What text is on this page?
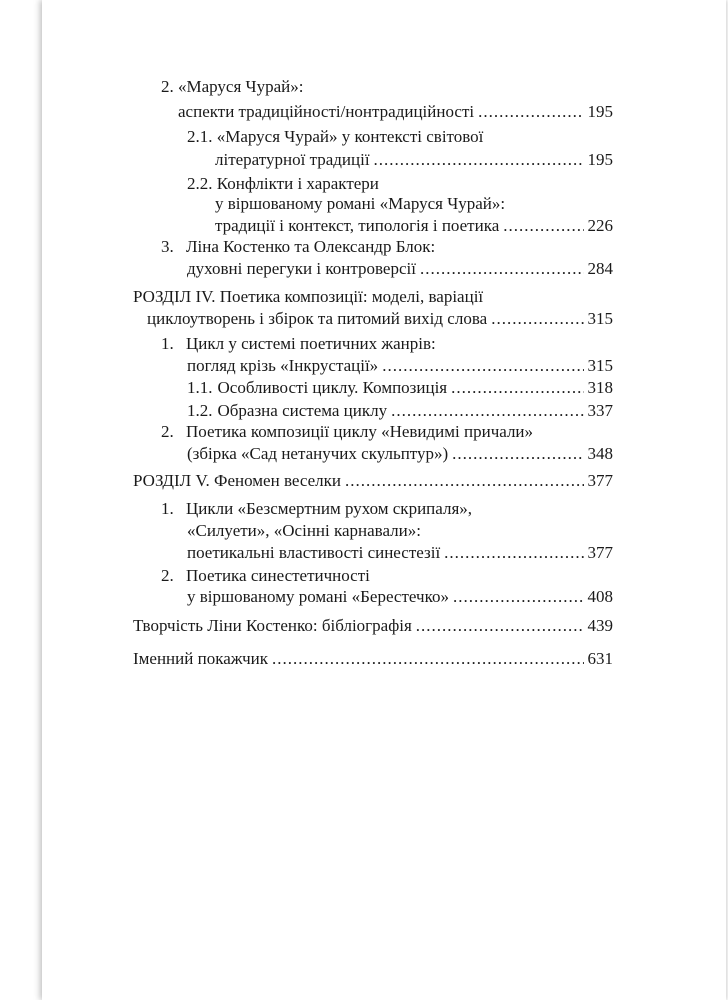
2. «Маруся Чурай»:
аспекти традиційності/нонтрадиційності .....	195
2.1. «Маруся Чурай» у контексті світової
літературної традиції .....	195
2.2. Конфлікти і характери
у віршованому романі «Маруся Чурай»:
традиції і контекст, типологія і поетика .....	226
3. Ліна Костенко та Олександр Блок:
духовні перегуки і контроверсії .....	284
РОЗДІЛ IV. Поетика композиції: моделі, варіації
циклоутворень і збірок та питомий вихід слова .....	315
1. Цикл у системі поетичних жанрів:
погляд крізь «Інкрустації» .....	315
1.1. Особливості циклу. Композиція .....	318
1.2. Образна система циклу .....	337
2. Поетика композиції циклу «Невидимі причали»
(збірка «Сад нетанучих скульптур») .....	348
РОЗДІЛ V. Феномен веселки .....	377
1. Цикли «Безсмертним рухом скрипаля»,
«Силуети», «Осінні карнавали»:
поетикальні властивості синестезії .....	377
2. Поетика синестетичності
у віршованому романі «Берестечко» .....	408
Творчість Ліни Костенко: бібліографія .....	439
Іменний покажчик .....	631
